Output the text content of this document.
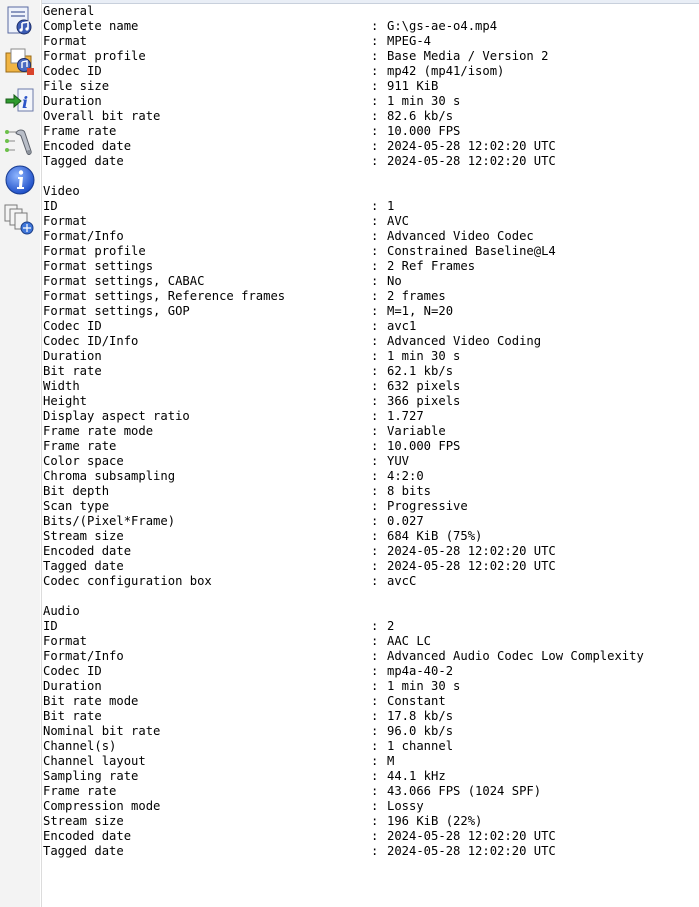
i
General
Complete name	: G:\gs-ae-o4.mp4
Format	: MPEG-4
Format profile	: Base Media / Version 2
Codec ID	: mp42 (mp41/isom)
File size	: 911 KiB
Duration	: 1 min 30 s
Overall bit rate	: 82.6 kb/s
Frame rate	: 10.000 FPS
Encoded date	: 2024-05-28 12:02:20 UTC
Tagged date	: 2024-05-28 12:02:20 UTC
Video
ID	: 1
Format	: AVC
Format/Info	: Advanced Video Codec
Format profile	: Constrained Baseline@L4
Format settings	: 2 Ref Frames
Format settings, CABAC	: No
Format settings, Reference frames	: 2 frames
Format settings, GOP	: M=1, N=20
Codec ID	: avc1
Codec ID/Info	: Advanced Video Coding
Duration	: 1 min 30 s
Bit rate	: 62.1 kb/s
Width	: 632 pixels
Height	: 366 pixels
Display aspect ratio	: 1.727
Frame rate mode	: Variable
Frame rate	: 10.000 FPS
Color space	: YUV
Chroma subsampling	: 4:2:0
Bit depth	: 8 bits
Scan type	: Progressive
Bits/(Pixel*Frame)	: 0.027
Stream size	: 684 KiB (75%)
Encoded date	: 2024-05-28 12:02:20 UTC
Tagged date	: 2024-05-28 12:02:20 UTC
Codec configuration box	: avcC
Audio
ID	: 2
Format	: AAC LC
Format/Info	: Advanced Audio Codec Low Complexity
Codec ID	: mp4a-40-2
Duration	: 1 min 30 s
Bit rate mode	: Constant
Bit rate	: 17.8 kb/s
Nominal bit rate	: 96.0 kb/s
Channel(s)	: 1 channel
Channel layout	: M
Sampling rate	: 44.1 kHz
Frame rate	: 43.066 FPS (1024 SPF)
Compression mode	: Lossy
Stream size	: 196 KiB (22%)
Encoded date	: 2024-05-28 12:02:20 UTC
Tagged date	: 2024-05-28 12:02:20 UTC
